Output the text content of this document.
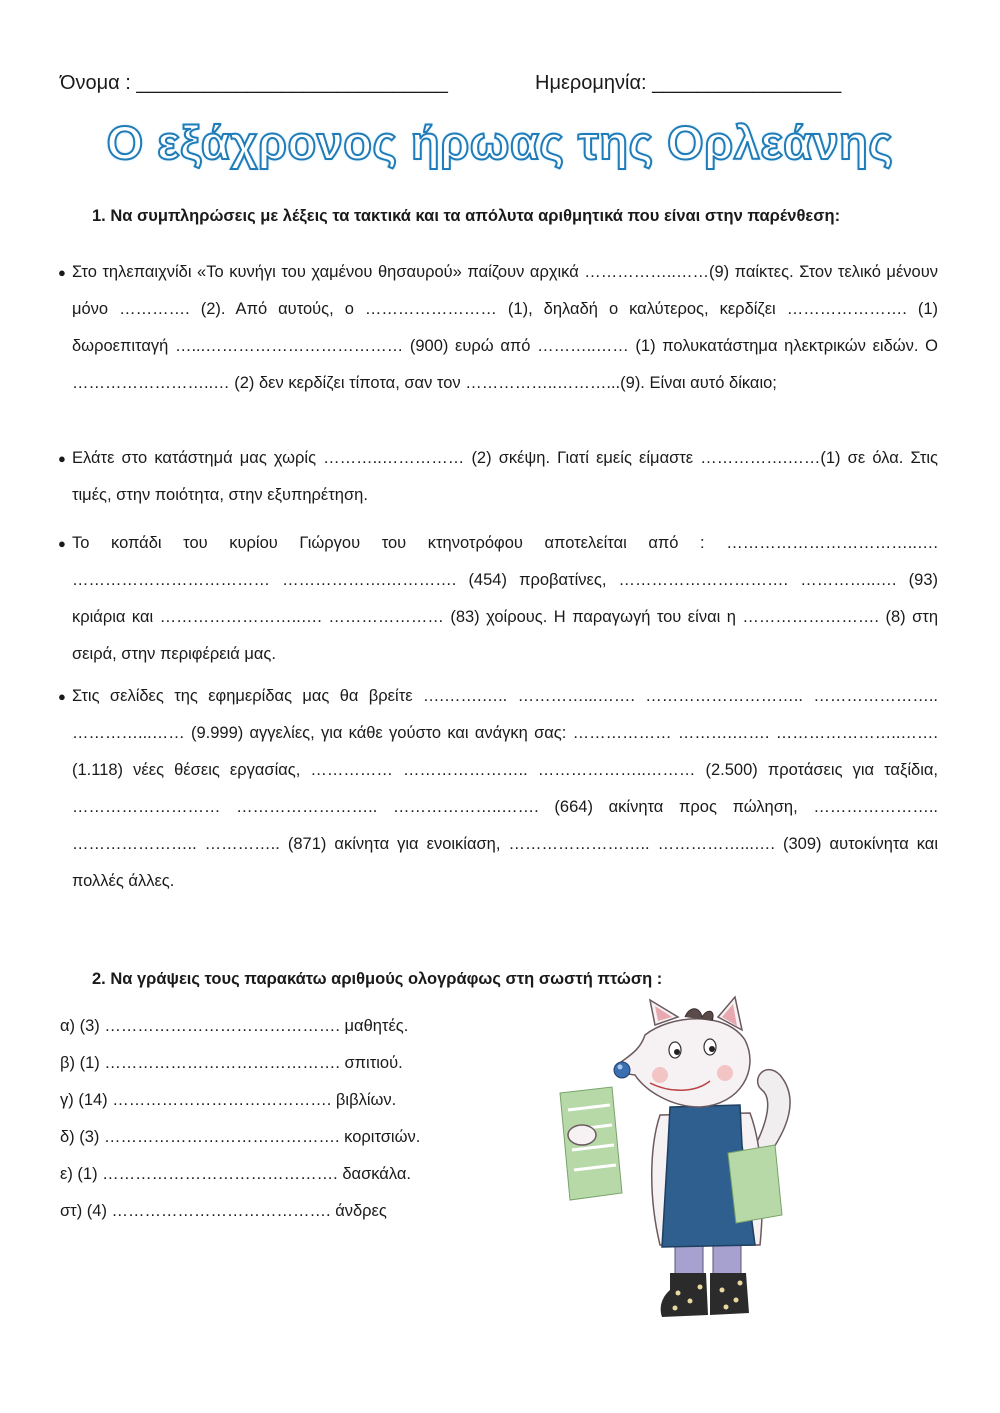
Όνομα : ____________________________	Ημερομηνία: _________________
Ο εξάχρονος ήρωας της Ορλεάνης
1. Να συμπληρώσεις με λέξεις τα τακτικά και τα απόλυτα αριθμητικά που είναι στην παρένθεση:
● Στο τηλεπαιχνίδι «Το κυνήγι του χαμένου θησαυρού» παίζουν αρχικά ……………..……(9) παίκτες. Στον τελικό μένουν μόνο …………. (2). Από αυτούς, ο …………………… (1), δηλαδή ο καλύτερος, κερδίζει …………………. (1) δωροεπιταγή …...……………………………… (900) ευρώ από ………..…… (1) πολυκατάστημα ηλεκτρικών ειδών. Ο ……………………..… (2) δεν κερδίζει τίποτα, σαν τον ……………..………...(9). Είναι αυτό δίκαιο;
● Ελάτε στο κατάστημά μας χωρίς ………..…………… (2) σκέψη. Γιατί εμείς είμαστε …………….……(1) σε όλα. Στις τιμές, στην ποιότητα, στην εξυπηρέτηση.
● Το κοπάδι του κυρίου Γιώργου του κτηνοτρόφου αποτελείται από : ……………………………..…. ……………………………… ……………….…………. (454) προβατίνες, …………………………. …………..…. (93) κριάρια και ……………………..…. ………………… (83) χοίρους. Η παραγωγή του είναι η ……………………. (8) στη σειρά, στην περιφέρειά μας.
● Στις σελίδες της εφημερίδας μας θα βρείτε ….…….….. …………...……. ……………………….. ………………….. …………...…… (9.999) αγγελίες, για κάθε γούστο και ανάγκη σας: ……………… ……….……. …………………..……. (1.118) νέες θέσεις εργασίας, …………… ………………….. ………………..……… (2.500) προτάσεις για ταξίδια, ……………………… …………………….. ………………..……. (664) ακίνητα προς πώληση, ………………….. ………………….. ………….. (871) ακίνητα για ενοικίαση, …………………….. ……………...…. (309) αυτοκίνητα και πολλές άλλες.
2. Να γράψεις τους παρακάτω αριθμούς ολογράφως στη σωστή πτώση :
α) (3) ……………………………………. μαθητές.
β) (1) ……………………………………. σπιτιού.
γ) (14) …………………………………. βιβλίων.
δ) (3) ……………………………………. κοριτσιών.
ε) (1) ……………………………………. δασκάλα.
στ) (4) …………………………………. άνδρες
